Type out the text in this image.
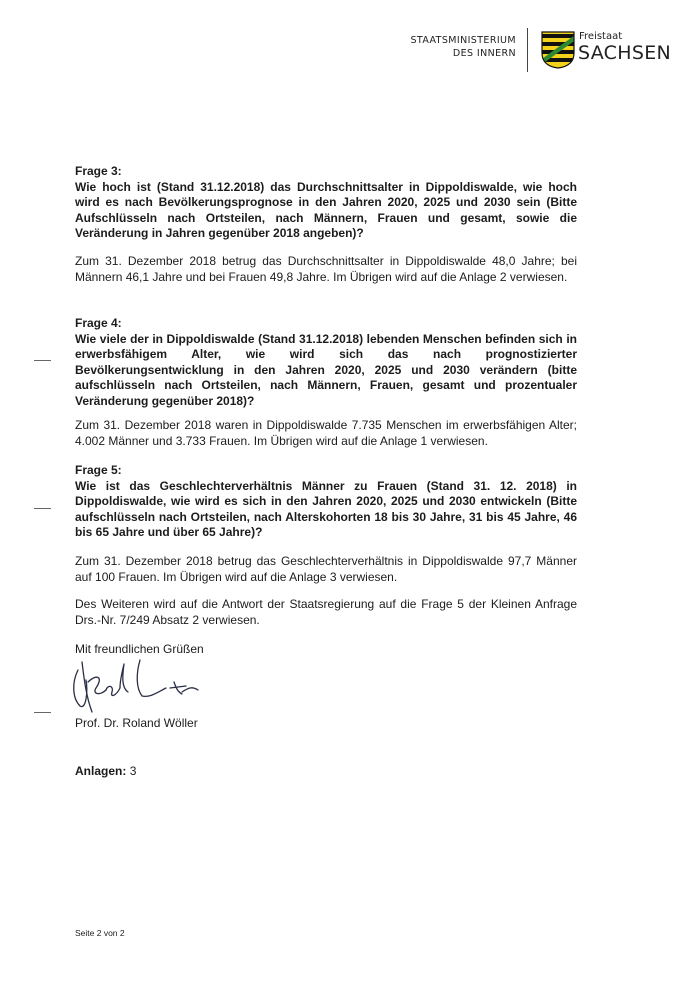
STAATSMINISTERIUM
DES INNERN
Freistaat
SACHSEN
Frage 3:
Wie hoch ist (Stand 31.12.2018) das Durchschnittsalter in Dippoldiswalde, wie hoch wird es nach Bevölkerungsprognose in den Jahren 2020, 2025 und 2030 sein (Bitte Aufschlüsseln nach Ortsteilen, nach Männern, Frauen und gesamt, sowie die Veränderung in Jahren gegenüber 2018 angeben)?
Zum 31. Dezember 2018 betrug das Durchschnittsalter in Dippoldiswalde 48,0 Jahre; bei Männern 46,1 Jahre und bei Frauen 49,8 Jahre. Im Übrigen wird auf die Anlage 2 verwiesen.
Frage 4:
Wie viele der in Dippoldiswalde (Stand 31.12.2018) lebenden Menschen befinden sich in erwerbsfähigem Alter, wie wird sich das nach prognostizierter Bevölkerungsentwicklung in den Jahren 2020, 2025 und 2030 verändern (bitte aufschlüsseln nach Ortsteilen, nach Männern, Frauen, gesamt und prozentualer Veränderung gegenüber 2018)?
Zum 31. Dezember 2018 waren in Dippoldiswalde 7.735 Menschen im erwerbsfähigen Alter; 4.002 Männer und 3.733 Frauen. Im Übrigen wird auf die Anlage 1 verwiesen.
Frage 5:
Wie ist das Geschlechterverhältnis Männer zu Frauen (Stand 31. 12. 2018) in Dippoldiswalde, wie wird es sich in den Jahren 2020, 2025 und 2030 entwickeln (Bitte aufschlüsseln nach Ortsteilen, nach Alterskohorten 18 bis 30 Jahre, 31 bis 45 Jahre, 46 bis 65 Jahre und über 65 Jahre)?
Zum 31. Dezember 2018 betrug das Geschlechterverhältnis in Dippoldiswalde 97,7 Männer auf 100 Frauen. Im Übrigen wird auf die Anlage 3 verwiesen.
Des Weiteren wird auf die Antwort der Staatsregierung auf die Frage 5 der Kleinen Anfrage Drs.-Nr. 7/249 Absatz 2 verwiesen.
Mit freundlichen Grüßen
Prof. Dr. Roland Wöller
Anlagen: 3
Seite 2 von 2
